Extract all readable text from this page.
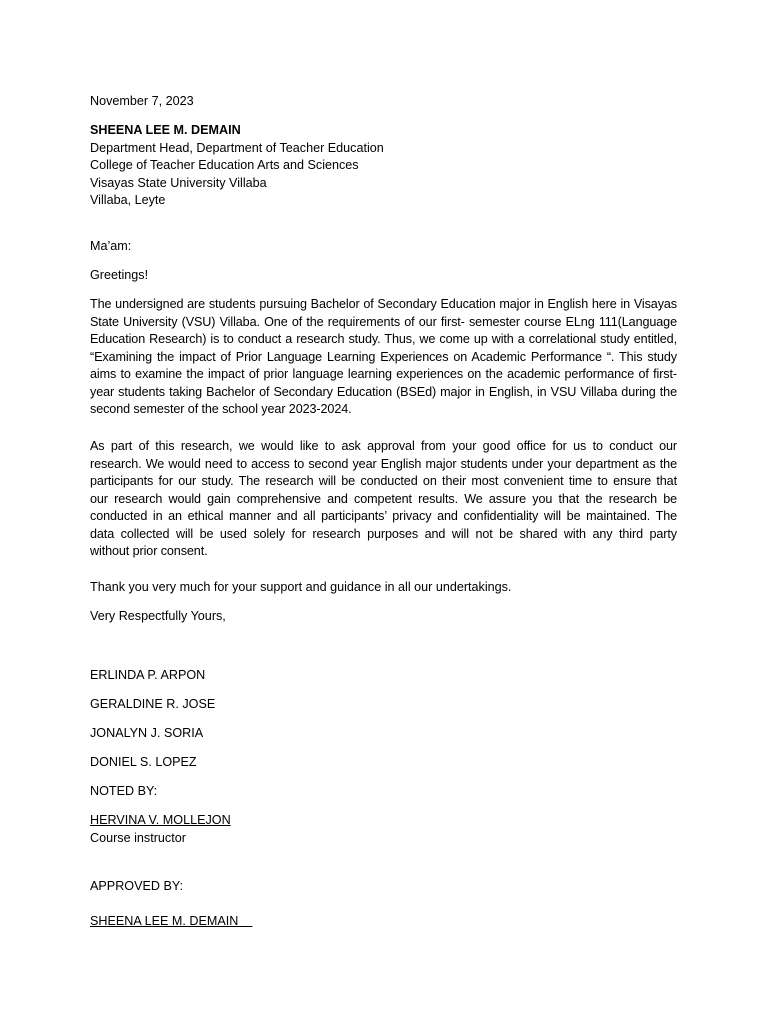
November 7, 2023
SHEENA LEE M. DEMAIN
Department Head, Department of Teacher Education
College of Teacher Education Arts and Sciences
Visayas State University Villaba
Villaba, Leyte
Ma’am:
Greetings!
The undersigned are students pursuing Bachelor of Secondary Education major in English here in Visayas
State University (VSU) Villaba. One of the requirements of our first- semester course ELng 111(Language
Education Research) is to conduct a research study. Thus, we come up with a correlational study entitled,
“Examining the impact of Prior Language Learning Experiences on Academic Performance “. This study
aims to examine the impact of prior language learning experiences on the academic performance of first-
year students taking Bachelor of Secondary Education (BSEd) major in English, in VSU Villaba during the
second semester of the school year 2023-2024.
As part of this research, we would like to ask approval from your good office for us to conduct our
research. We would need to access to second year English major students under your department as the
participants for our study. The research will be conducted on their most convenient time to ensure that
our research would gain comprehensive and competent results. We assure you that the research be
conducted in an ethical manner and all participants’ privacy and confidentiality will be maintained. The
data collected will be used solely for research purposes and will not be shared with any third party
without prior consent.
Thank you very much for your support and guidance in all our undertakings.
Very Respectfully Yours,
ERLINDA P. ARPON
GERALDINE R. JOSE
JONALYN J. SORIA
DONIEL S. LOPEZ
NOTED BY:
HERVINA V. MOLLEJON
Course instructor
APPROVED BY:
SHEENA LEE M. DEMAIN
